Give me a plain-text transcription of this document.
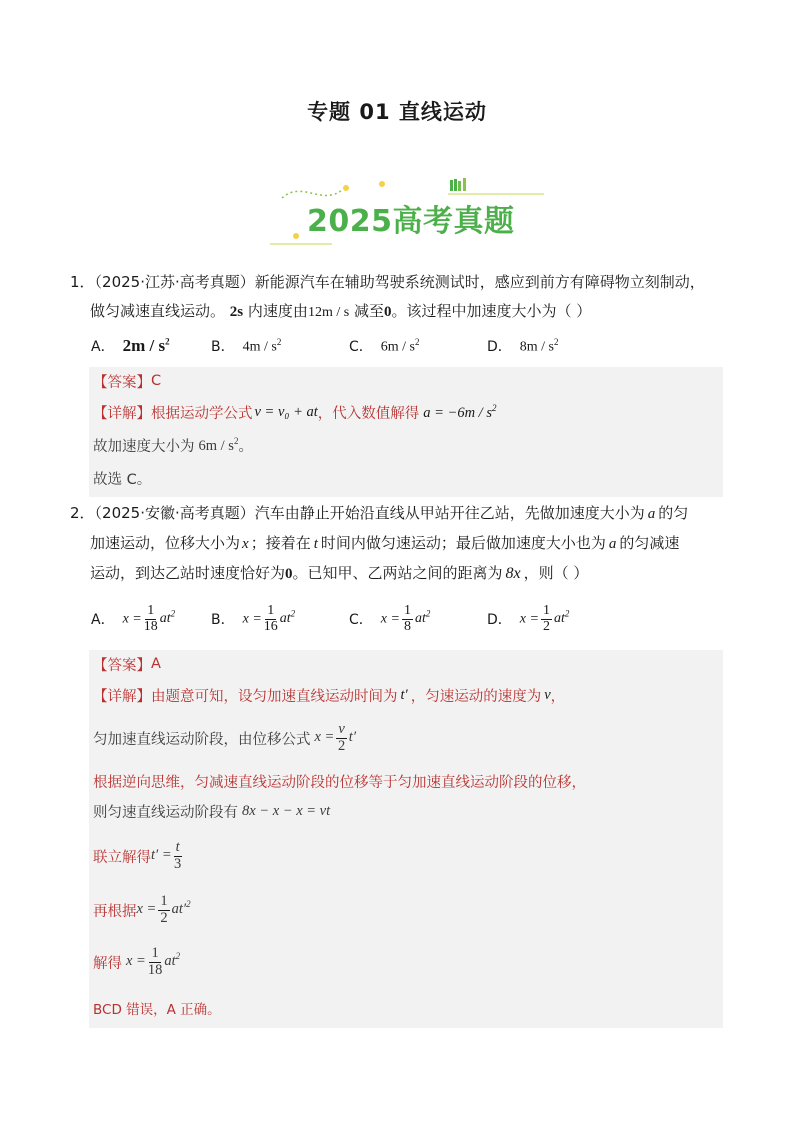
专题 01 直线运动
2025高考真题
1．（2025·江苏·高考真题）新能源汽车在辅助驾驶系统测试时，感应到前方有障碍物立刻制动，
做匀减速直线运动。 2s 内速度由12m / s 减至0。该过程中加速度大小为（ ）
A． $2m / s^2$	B． $4m / s^2$	C． $6m / s^2$	D． $8m / s^2$
【答案】 C
【详解】 根据运动学公式 v = v₀ + at ，代入数值解得 $a = -6m / s^2$
故加速度大小为 $6m / s^2$ 。
故选 C。
2．（2025·安徽·高考真题）汽车由静止开始沿直线从甲站开往乙站，先做加速度大小为 a 的匀
加速运动，位移大小为 x ；接着在 t 时间内做匀速运动；最后做加速度大小也为 a 的匀减速
运动，到达乙站时速度恰好为0。已知甲、乙两站之间的距离为 8x ，则（ ）
A． $x = \frac{1}{18} at^2$	B． $x = \frac{1}{16} at^2$	C． $x = \frac{1}{8} at^2$	D． $x = \frac{1}{2} at^2$
【答案】 A
【详解】 由题意可知，设匀加速直线运动时间为 t′ ，匀速运动的速度为 v ，
匀加速直线运动阶段，由位移公式 $x = \frac{v}{2} t'$
根据逆向思维，匀减速直线运动阶段的位移等于匀加速直线运动阶段的位移，
则匀速直线运动阶段有 8x − x − x = vt
联立解得 $t' = \frac{t}{3}$
再根据 $x = \frac{1}{2} at'^2$
解得 $x = \frac{1}{18} at^2$
BCD 错误，A 正确。
